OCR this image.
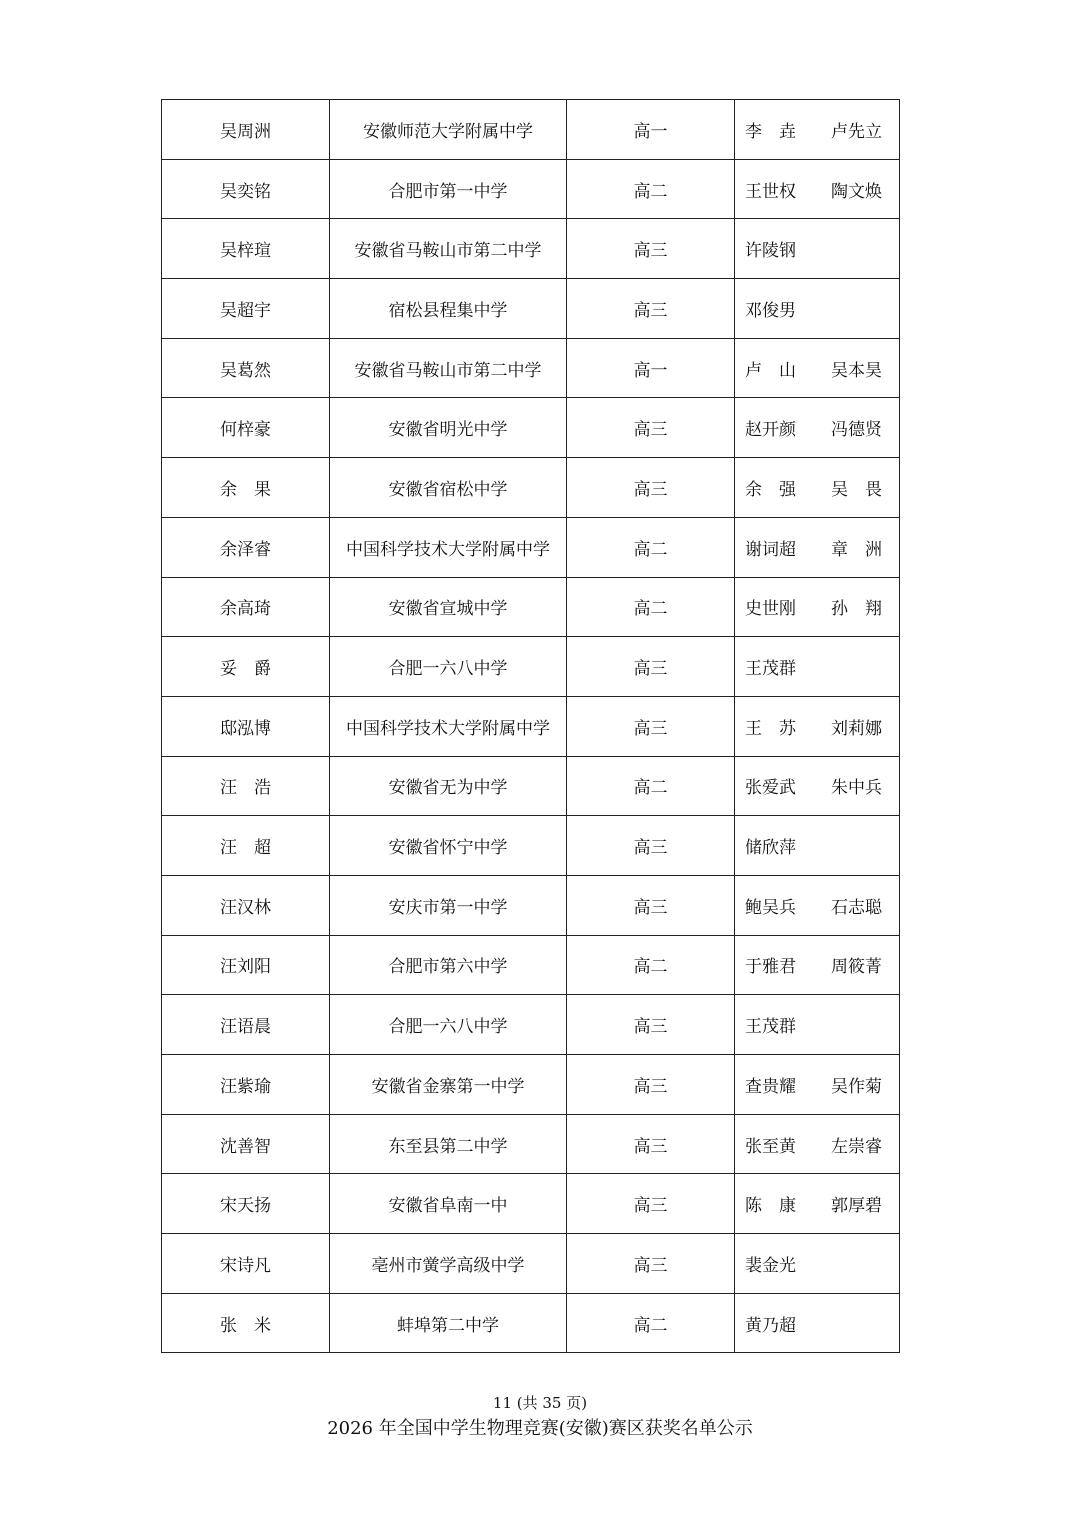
吴周洲	安徽师范大学附属中学	高一	李　垚 卢先立

吴奕铭	合肥市第一中学	高二	王世权 陶文焕

吴梓瑄	安徽省马鞍山市第二中学	高三	许陵钢

吴超宇	宿松县程集中学	高三	邓俊男

吴葛然	安徽省马鞍山市第二中学	高一	卢　山 吴本昊

何梓豪	安徽省明光中学	高三	赵开颜 冯德贤

余　果	安徽省宿松中学	高三	余　强 吴　畏

余泽睿	中国科学技术大学附属中学	高二	谢词超 章　洲

余高琦	安徽省宣城中学	高二	史世刚 孙　翔

妥　爵	合肥一六八中学	高三	王茂群

邸泓博	中国科学技术大学附属中学	高三	王　苏 刘莉娜

汪　浩	安徽省无为中学	高二	张爱武 朱中兵

汪　超	安徽省怀宁中学	高三	储欣萍

汪汉林	安庆市第一中学	高三	鲍吴兵 石志聪

汪刘阳	合肥市第六中学	高二	于雅君 周筱菁

汪语晨	合肥一六八中学	高三	王茂群

汪紫瑜	安徽省金寨第一中学	高三	查贵耀 吴作菊

沈善智	东至县第二中学	高三	张至黄 左崇睿

宋天扬	安徽省阜南一中	高三	陈　康 郭厚碧

宋诗凡	亳州市黉学高级中学	高三	裴金光

张　米	蚌埠第二中学	高二	黄乃超
11 (共 35 页)
2026 年全国中学生物理竞赛(安徽)赛区获奖名单公示
